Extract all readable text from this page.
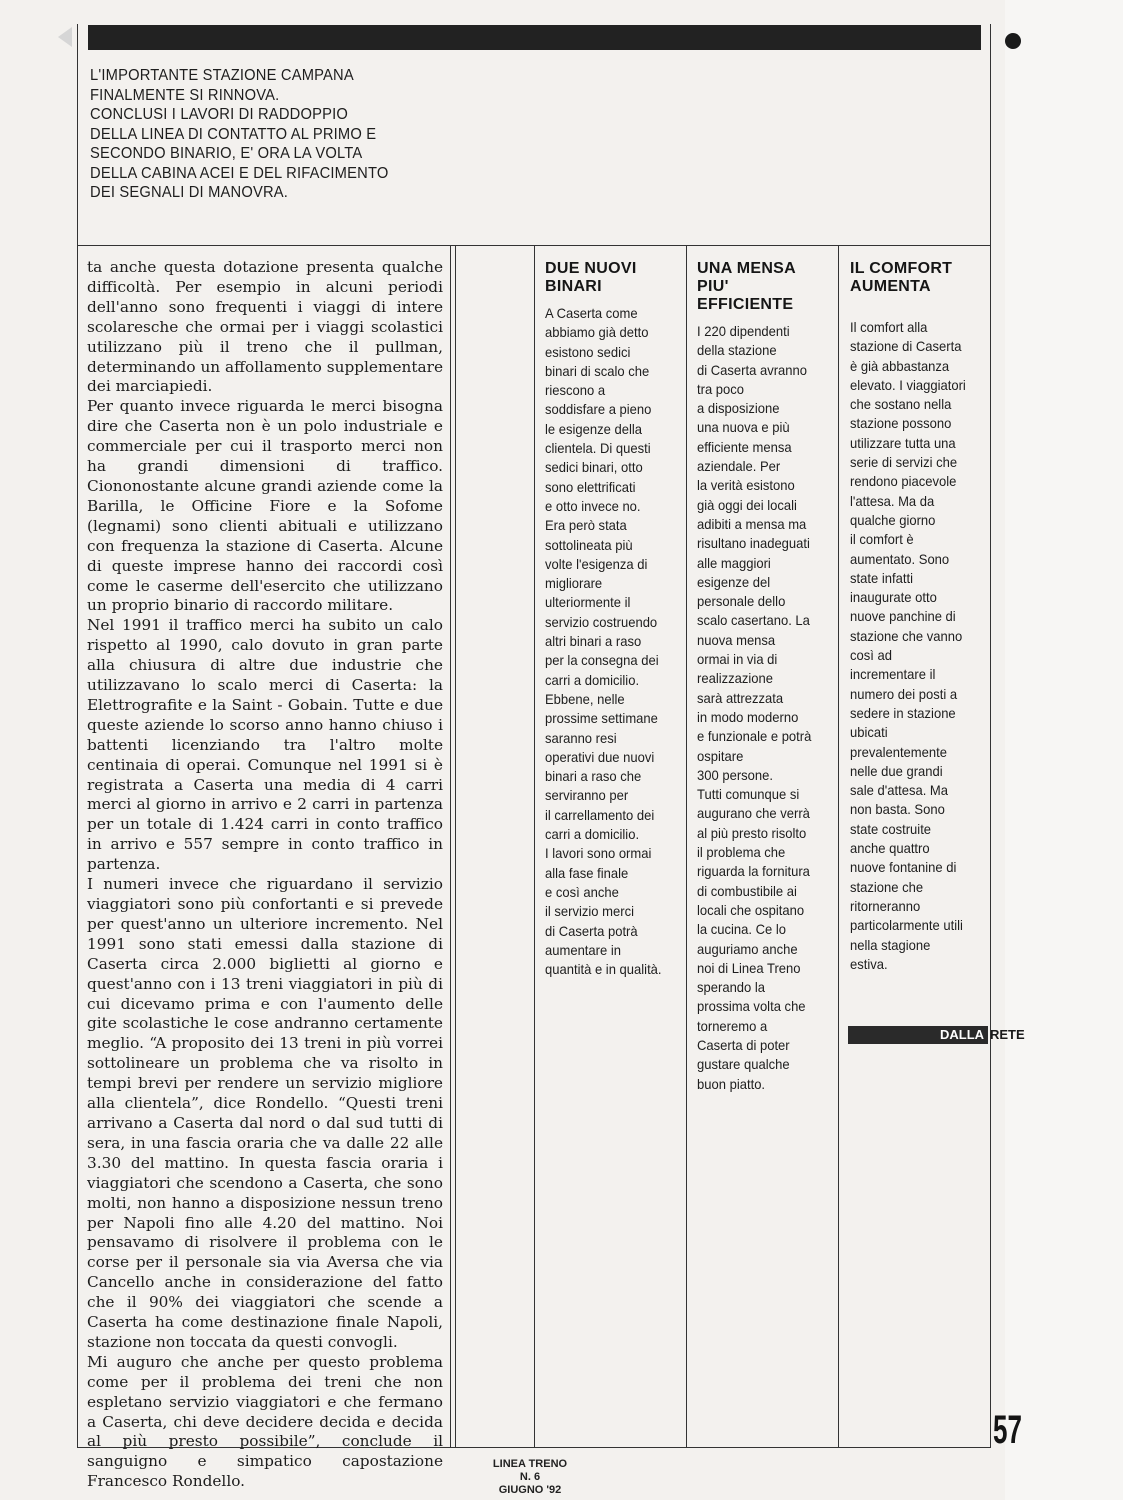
L'IMPORTANTE STAZIONE CAMPANA
FINALMENTE SI RINNOVA.
CONCLUSI I LAVORI DI RADDOPPIO
DELLA LINEA DI CONTATTO AL PRIMO E
SECONDO BINARIO, E' ORA LA VOLTA
DELLA CABINA ACEI E DEL RIFACIMENTO
DEI SEGNALI DI MANOVRA.

ta anche questa dotazione presenta qualche difficoltà. Per esempio in alcuni periodi dell'anno sono frequenti i viaggi di intere scolaresche che ormai per i viaggi scolastici utilizzano più il treno che il pullman, determinando un affollamento supplementare dei marciapiedi.

Per quanto invece riguarda le merci bisogna dire che Caserta non è un polo industriale e commerciale per cui il trasporto merci non ha grandi dimensioni di traffico. Ciononostante alcune grandi aziende come la Barilla, le Officine Fiore e la Sofome (legnami) sono clienti abituali e utilizzano con frequenza la stazione di Caserta. Alcune di queste imprese hanno dei raccordi così come le caserme dell'esercito che utilizzano un proprio binario di raccordo militare.

Nel 1991 il traffico merci ha subito un calo rispetto al 1990, calo dovuto in gran parte alla chiusura di altre due industrie che utilizzavano lo scalo merci di Caserta: la Elettrografite e la Saint - Gobain. Tutte e due queste aziende lo scorso anno hanno chiuso i battenti licenziando tra l'altro molte centinaia di operai. Comunque nel 1991 si è registrata a Caserta una media di 4 carri merci al giorno in arrivo e 2 carri in partenza per un totale di 1.424 carri in conto traffico in arrivo e 557 sempre in conto traffico in partenza.

I numeri invece che riguardano il servizio viaggiatori sono più confortanti e si prevede per quest'anno un ulteriore incremento. Nel 1991 sono stati emessi dalla stazione di Caserta circa 2.000 biglietti al giorno e quest'anno con i 13 treni viaggiatori in più di cui dicevamo prima e con l'aumento delle gite scolastiche le cose andranno certamente meglio. “A proposito dei 13 treni in più vorrei sottolineare un problema che va risolto in tempi brevi per rendere un servizio migliore alla clientela”, dice Rondello. “Questi treni arrivano a Caserta dal nord o dal sud tutti di sera, in una fascia oraria che va dalle 22 alle 3.30 del mattino. In questa fascia oraria i viaggiatori che scendono a Caserta, che sono molti, non hanno a disposizione nessun treno per Napoli fino alle 4.20 del mattino. Noi pensavamo di risolvere il problema con le corse per il personale sia via Aversa che via Cancello anche in considerazione del fatto che il 90% dei viaggiatori che scende a Caserta ha come destinazione finale Napoli, stazione non toccata da questi convogli.

Mi auguro che anche per questo problema come per il problema dei treni che non espletano servizio viaggiatori e che fermano a Caserta, chi deve decidere decida e decida al più presto possibile”, conclude il sanguigno e simpatico capostazione Francesco Rondello.

DUE NUOVI
BINARI
A Caserta come
abbiamo già detto
esistono sedici
binari di scalo che
riescono a
soddisfare a pieno
le esigenze della
clientela. Di questi
sedici binari, otto
sono elettrificati
e otto invece no.
Era però stata
sottolineata più
volte l'esigenza di
migliorare
ulteriormente il
servizio costruendo
altri binari a raso
per la consegna dei
carri a domicilio.
Ebbene, nelle
prossime settimane
saranno resi
operativi due nuovi
binari a raso che
serviranno per
il carrellamento dei
carri a domicilio.
I lavori sono ormai
alla fase finale
e così anche
il servizio merci
di Caserta potrà
aumentare in
quantità e in qualità.
UNA MENSA
PIU'
EFFICIENTE
I 220 dipendenti
della stazione
di Caserta avranno
tra poco
a disposizione
una nuova e più
efficiente mensa
aziendale. Per
la verità esistono
già oggi dei locali
adibiti a mensa ma
risultano inadeguati
alle maggiori
esigenze del
personale dello
scalo casertano. La
nuova mensa
ormai in via di
realizzazione
sarà attrezzata
in modo moderno
e funzionale e potrà
ospitare
300 persone.
Tutti comunque si
augurano che verrà
al più presto risolto
il problema che
riguarda la fornitura
di combustibile ai
locali che ospitano
la cucina. Ce lo
auguriamo anche
noi di Linea Treno
sperando la
prossima volta che
torneremo a
Caserta di poter
gustare qualche
buon piatto.
IL COMFORT
AUMENTA
Il comfort alla
stazione di Caserta
è già abbastanza
elevato. I viaggiatori
che sostano nella
stazione possono
utilizzare tutta una
serie di servizi che
rendono piacevole
l'attesa. Ma da
qualche giorno
il comfort è
aumentato. Sono
state infatti
inaugurate otto
nuove panchine di
stazione che vanno
così ad
incrementare il
numero dei posti a
sedere in stazione
ubicati
prevalentemente
nelle due grandi
sale d'attesa. Ma
non basta. Sono
state costruite
anche quattro
nuove fontanine di
stazione che
ritorneranno
particolarmente utili
nella stagione
estiva.
DALLA RETE
57
LINEA TRENO
N. 6
GIUGNO '92
